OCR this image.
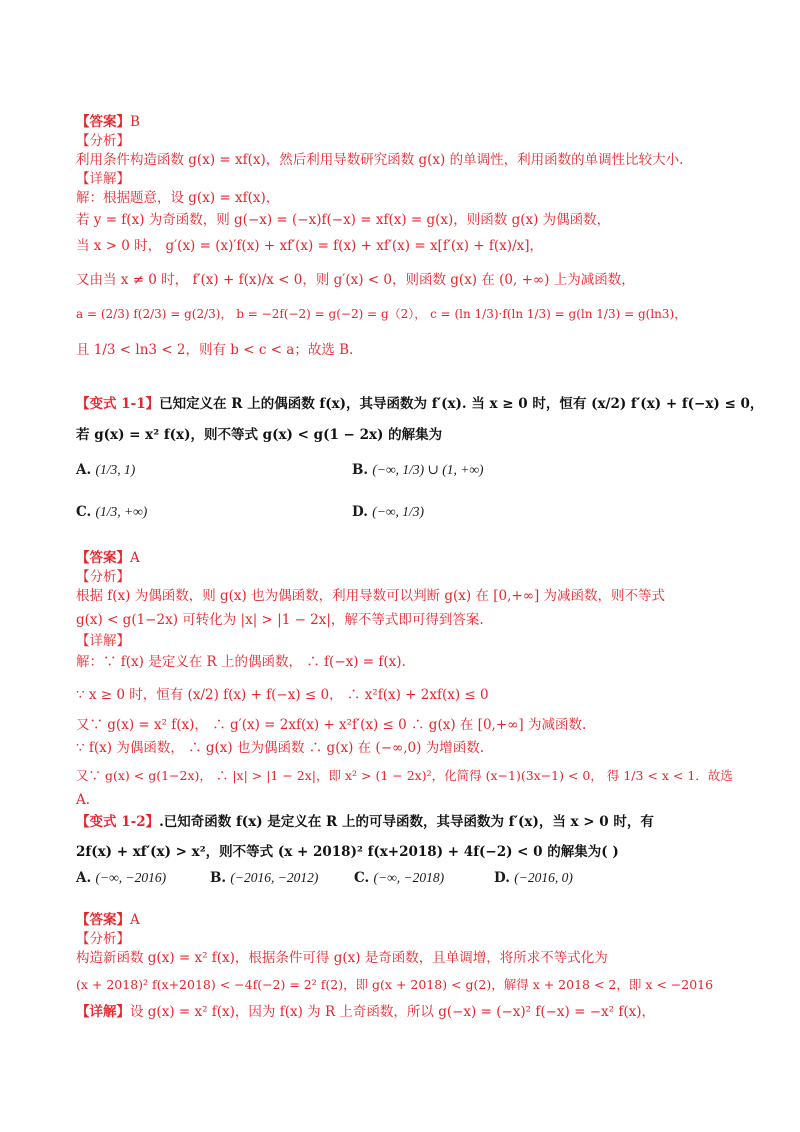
【答案】B
【分析】
利用条件构造函数 g(x) = xf(x)，然后利用导数研究函数 g(x) 的单调性，利用函数的单调性比较大小.
【详解】
解：根据题意，设 g(x) = xf(x)，
若 y = f(x) 为奇函数，则 g(−x) = (−x)f(−x) = xf(x) = g(x)，则函数 g(x) 为偶函数，
当 x > 0 时， g′(x) = (x)′f(x) + xf′(x) = f(x) + xf′(x) = x[f′(x) + f(x)/x]，
又由当 x ≠ 0 时， f′(x) + f(x)/x < 0，则 g′(x) < 0，则函数 g(x) 在 (0, +∞) 上为减函数，
a = (2/3) f(2/3) = g(2/3)， b = −2f(−2) = g(−2) = g（2）， c = (ln 1/3)·f(ln 1/3) = g(ln 1/3) = g(ln3)，
且 1/3 < ln3 < 2，则有 b < c < a；故选 B.
【变式 1-1】已知定义在 R 上的偶函数 f(x)，其导函数为 f′(x). 当 x ≥ 0 时，恒有 (x/2) f′(x) + f(−x) ≤ 0，
若 g(x) = x² f(x)，则不等式 g(x) < g(1 − 2x) 的解集为
A. (1/3, 1)	B. (−∞, 1/3) ∪ (1, +∞)
C. (1/3, +∞)	D. (−∞, 1/3)
【答案】A
【分析】
根据 f(x) 为偶函数，则 g(x) 也为偶函数，利用导数可以判断 g(x) 在 [0,+∞] 为减函数，则不等式
g(x) < g(1−2x) 可转化为 |x| > |1 − 2x|，解不等式即可得到答案.
【详解】
解：∵ f(x) 是定义在 R 上的偶函数， ∴ f(−x) = f(x).
∵ x ≥ 0 时，恒有 (x/2) f(x) + f(−x) ≤ 0， ∴ x²f(x) + 2xf(x) ≤ 0
又∵ g(x) = x² f(x)， ∴ g′(x) = 2xf(x) + x²f′(x) ≤ 0 ∴ g(x) 在 [0,+∞] 为减函数.
∵ f(x) 为偶函数， ∴ g(x) 也为偶函数 ∴ g(x) 在 (−∞,0) 为增函数.
又∵ g(x) < g(1−2x)， ∴ |x| > |1 − 2x|，即 x² > (1 − 2x)²，化简得 (x−1)(3x−1) < 0， 得 1/3 < x < 1．故选
A.
【变式 1-2】.已知奇函数 f(x) 是定义在 R 上的可导函数，其导函数为 f′(x)，当 x > 0 时，有
2f(x) + xf′(x) > x²，则不等式 (x + 2018)² f(x+2018) + 4f(−2) < 0 的解集为( )
A. (−∞, −2016)	B. (−2016, −2012)	C. (−∞, −2018)	D. (−2016, 0)
【答案】A
【分析】
构造新函数 g(x) = x² f(x)，根据条件可得 g(x) 是奇函数，且单调增，将所求不等式化为
(x + 2018)² f(x+2018) < −4f(−2) = 2² f(2)，即 g(x + 2018) < g(2)，解得 x + 2018 < 2，即 x < −2016
【详解】设 g(x) = x² f(x)，因为 f(x) 为 R 上奇函数，所以 g(−x) = (−x)² f(−x) = −x² f(x)，
